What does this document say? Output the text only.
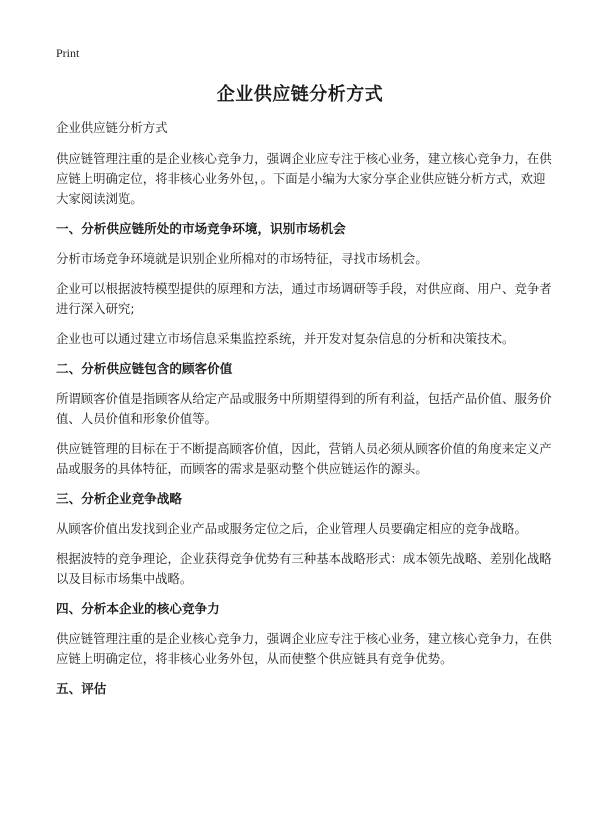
Print
企业供应链分析方式

企业供应链分析方式

供应链管理注重的是企业核心竞争力，强调企业应专注于核心业务，建立核心竞争力，在供应链上明确定位，将非核心业务外包，。下面是小编为大家分享企业供应链分析方式，欢迎大家阅读浏览。

一、分析供应链所处的市场竞争环境，识别市场机会

分析市场竞争环境就是识别企业所棉对的市场特征，寻找市场机会。

企业可以根据波特模型提供的原理和方法，通过市场调研等手段，对供应商、用户、竞争者进行深入研究;

企业也可以通过建立市场信息采集监控系统，并开发对复杂信息的分析和决策技术。

二、分析供应链包含的顾客价值

所谓顾客价值是指顾客从给定产品或服务中所期望得到的所有利益，包括产品价值、服务价值、人员价值和形象价值等。

供应链管理的目标在于不断提高顾客价值，因此，营销人员必须从顾客价值的角度来定义产品或服务的具体特征，而顾客的需求是驱动整个供应链运作的源头。

三、分析企业竞争战略

从顾客价值出发找到企业产品或服务定位之后，企业管理人员要确定相应的竞争战略。

根据波特的竞争理论，企业获得竞争优势有三种基本战略形式：成本领先战略、差别化战略以及目标市场集中战略。

四、分析本企业的核心竞争力

供应链管理注重的是企业核心竞争力，强调企业应专注于核心业务，建立核心竞争力，在供应链上明确定位，将非核心业务外包，从而使整个供应链具有竞争优势。

五、评估
